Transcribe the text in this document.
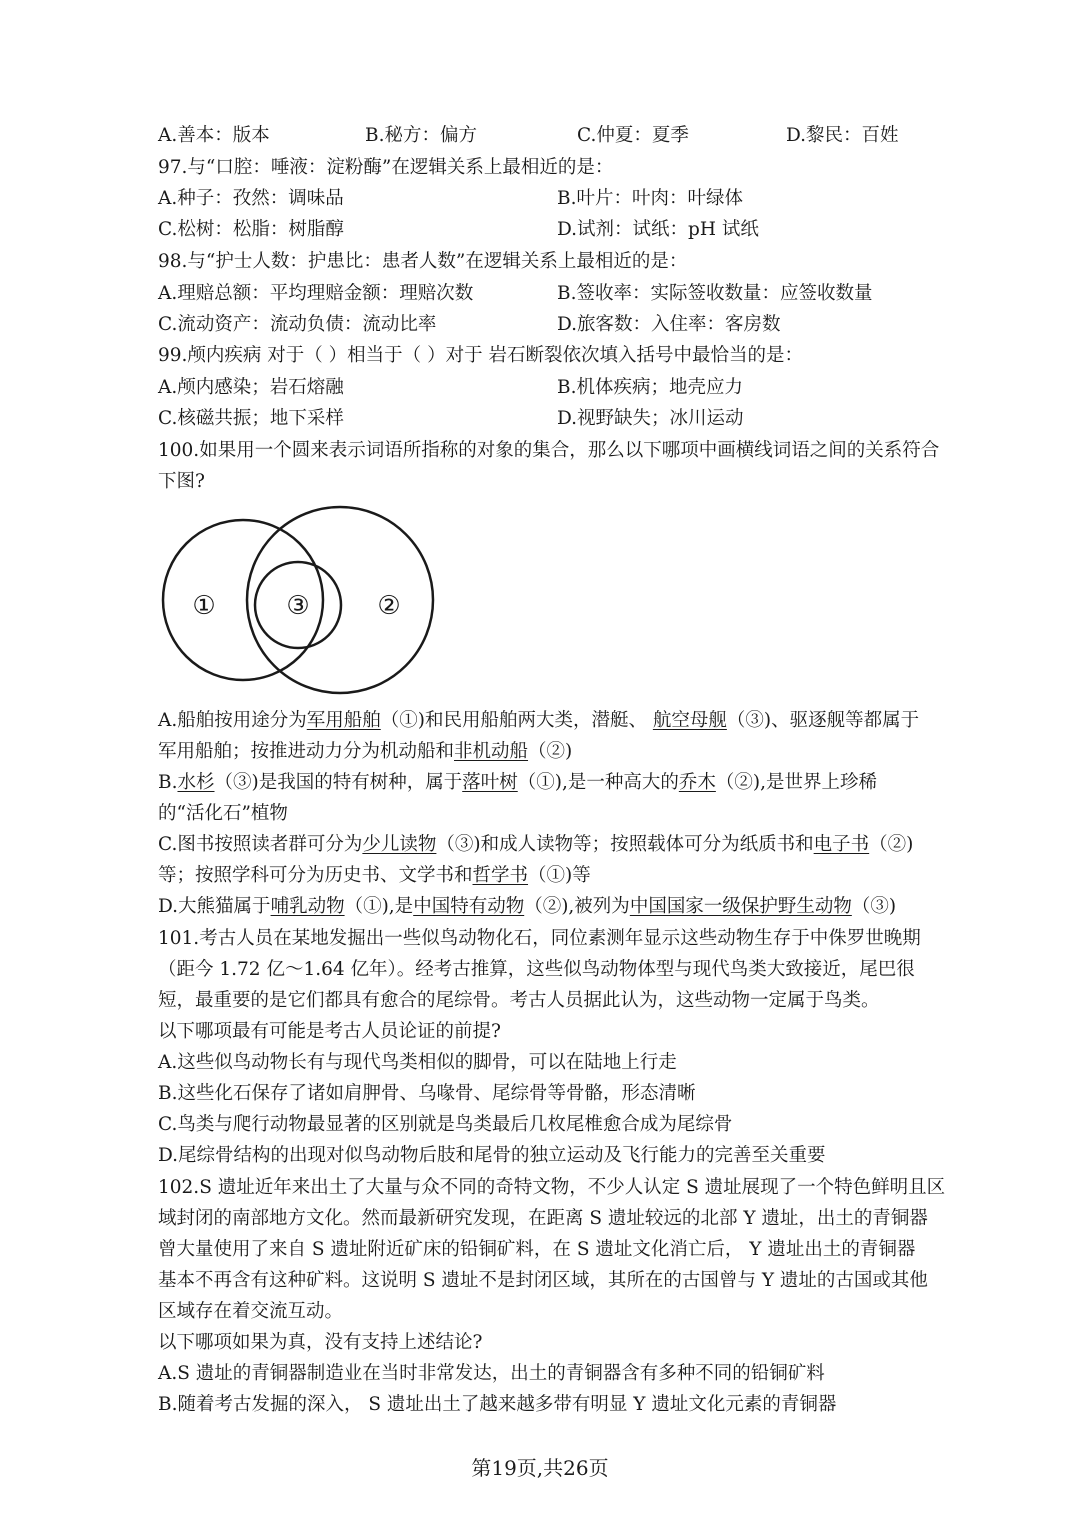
A.善本：版本	B.秘方：偏方	C.仲夏：夏季	D.黎民：百姓
97.与“口腔：唾液：淀粉酶”在逻辑关系上最相近的是：
A.种子：孜然：调味品	B.叶片：叶肉：叶绿体
C.松树：松脂：树脂醇	D.试剂：试纸：pH 试纸
98.与“护士人数：护患比：患者人数”在逻辑关系上最相近的是：
A.理赔总额：平均理赔金额：理赔次数	B.签收率：实际签收数量：应签收数量
C.流动资产：流动负债：流动比率	D.旅客数：入住率：客房数
99.颅内疾病 对于（ ）相当于（ ）对于 岩石断裂依次填入括号中最恰当的是：
A.颅内感染；岩石熔融	B.机体疾病；地壳应力
C.核磁共振；地下采样	D.视野缺失；冰川运动
100.如果用一个圆来表示词语所指称的对象的集合，那么以下哪项中画横线词语之间的关系符合
下图?
①	③	②
A.船舶按用途分为军用船舶（①)和民用船舶两大类，潜艇、 航空母舰（③)、驱逐舰等都属于
军用船舶；按推进动力分为机动船和非机动船（②)
B.水杉（③)是我国的特有树种，属于落叶树（①),是一种高大的乔木（②),是世界上珍稀
的“活化石”植物
C.图书按照读者群可分为少儿读物（③)和成人读物等；按照载体可分为纸质书和电子书（②)
等；按照学科可分为历史书、文学书和哲学书（①)等
D.大熊猫属于哺乳动物（①),是中国特有动物（②),被列为中国国家一级保护野生动物（③)
101.考古人员在某地发掘出一些似鸟动物化石，同位素测年显示这些动物生存于中侏罗世晚期
（距今 1.72 亿～1.64 亿年）。经考古推算，这些似鸟动物体型与现代鸟类大致接近，尾巴很
短，最重要的是它们都具有愈合的尾综骨。考古人员据此认为，这些动物一定属于鸟类。
以下哪项最有可能是考古人员论证的前提?
A.这些似鸟动物长有与现代鸟类相似的脚骨，可以在陆地上行走
B.这些化石保存了诸如肩胛骨、乌喙骨、尾综骨等骨骼，形态清晰
C.鸟类与爬行动物最显著的区别就是鸟类最后几枚尾椎愈合成为尾综骨
D.尾综骨结构的出现对似鸟动物后肢和尾骨的独立运动及飞行能力的完善至关重要
102.S 遗址近年来出土了大量与众不同的奇特文物，不少人认定 S 遗址展现了一个特色鲜明且区
域封闭的南部地方文化。然而最新研究发现，在距离 S 遗址较远的北部 Y 遗址，出土的青铜器
曾大量使用了来自 S 遗址附近矿床的铅铜矿料，在 S 遗址文化消亡后， Y 遗址出土的青铜器
基本不再含有这种矿料。这说明 S 遗址不是封闭区域，其所在的古国曾与 Y 遗址的古国或其他
区域存在着交流互动。
以下哪项如果为真，没有支持上述结论?
A.S 遗址的青铜器制造业在当时非常发达，出土的青铜器含有多种不同的铅铜矿料
B.随着考古发掘的深入， S 遗址出土了越来越多带有明显 Y 遗址文化元素的青铜器
第19页,共26页
